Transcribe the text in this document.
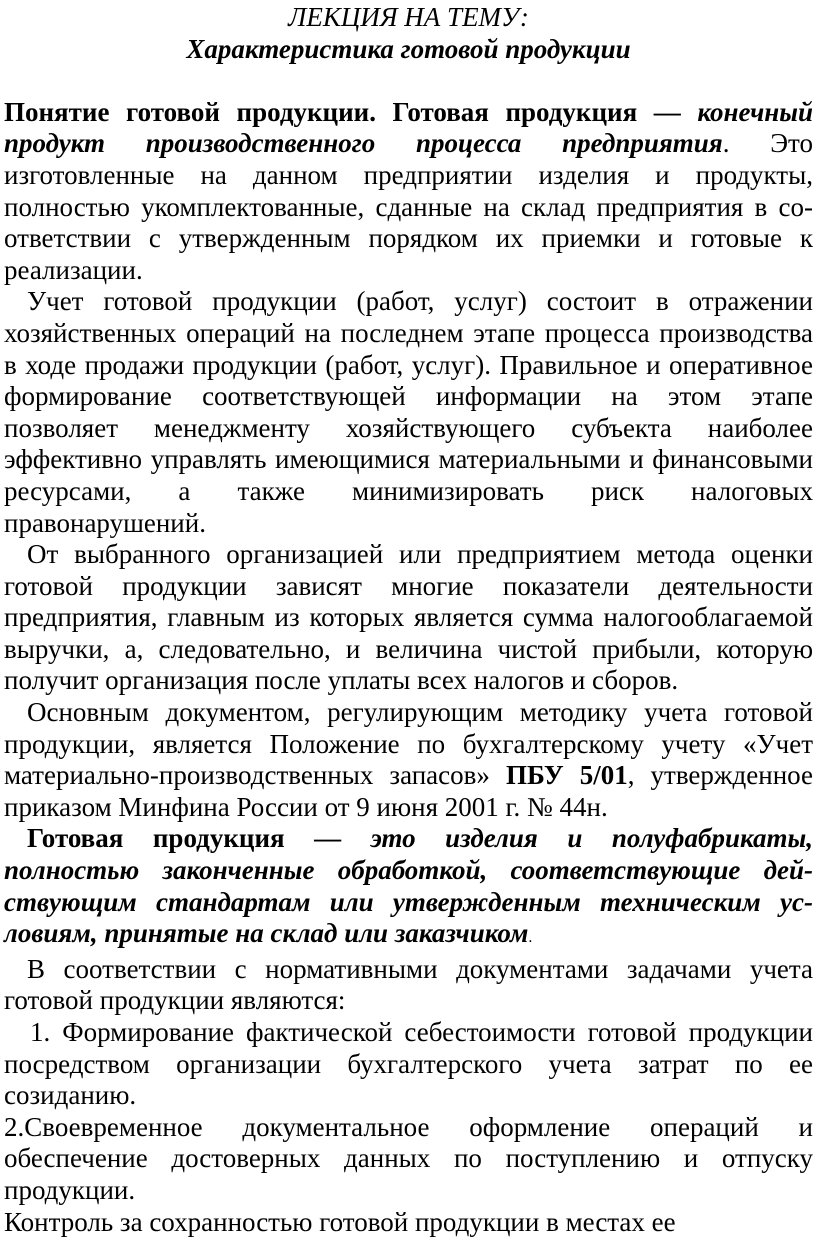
ЛЕКЦИЯ НА ТЕМУ:
Характеристика готовой продукции

Понятие готовой продукции. Готовая продукция — конечный продукт производственного процесса предприятия. Это изготовленные на данном предприятии изделия и продукты, полностью укомплектованные, сданные на склад предприятия в соответствии с утвержденным порядком их приемки и готовые к реализации.

Учет готовой продукции (работ, услуг) состоит в отражении хозяйственных операций на последнем этапе процесса производства в ходе продажи продукции (работ, услуг). Правильное и оперативное формирование соответствующей информации на этом этапе позволяет менеджменту хозяйствующего субъекта наиболее эффективно управлять имеющимися материальными и финансовыми ресурсами, а также минимизировать риск налоговых правонарушений.

От выбранного организацией или предприятием метода оценки готовой продукции зависят многие показатели деятельности предприятия, главным из которых является сумма налогооблагаемой выручки, а, следовательно, и величина чистой прибыли, которую получит организация после уплаты всех налогов и сборов.

Основным документом, регулирующим методику учета готовой продукции, является Положение по бухгалтерскому учету «Учет материально-производственных запасов» ПБУ 5/01, утвержденное приказом Минфина России от 9 июня 2001 г. № 44н.

Готовая продукция — это изделия и полуфабрикаты, полностью законченные обработкой, соответствующие действующим стандартам или утвержденным техническим условиям, принятые на склад или заказчиком.

В соответствии с нормативными документами задачами учета готовой продукции являются:

1. Формирование фактической себестоимости готовой продукции посредством организации бухгалтерского учета затрат по ее созиданию.

2.Своевременное документальное оформление операций и обеспечение достоверных данных по поступлению и отпуску продукции.

Контроль за сохранностью готовой продукции в местах ее
